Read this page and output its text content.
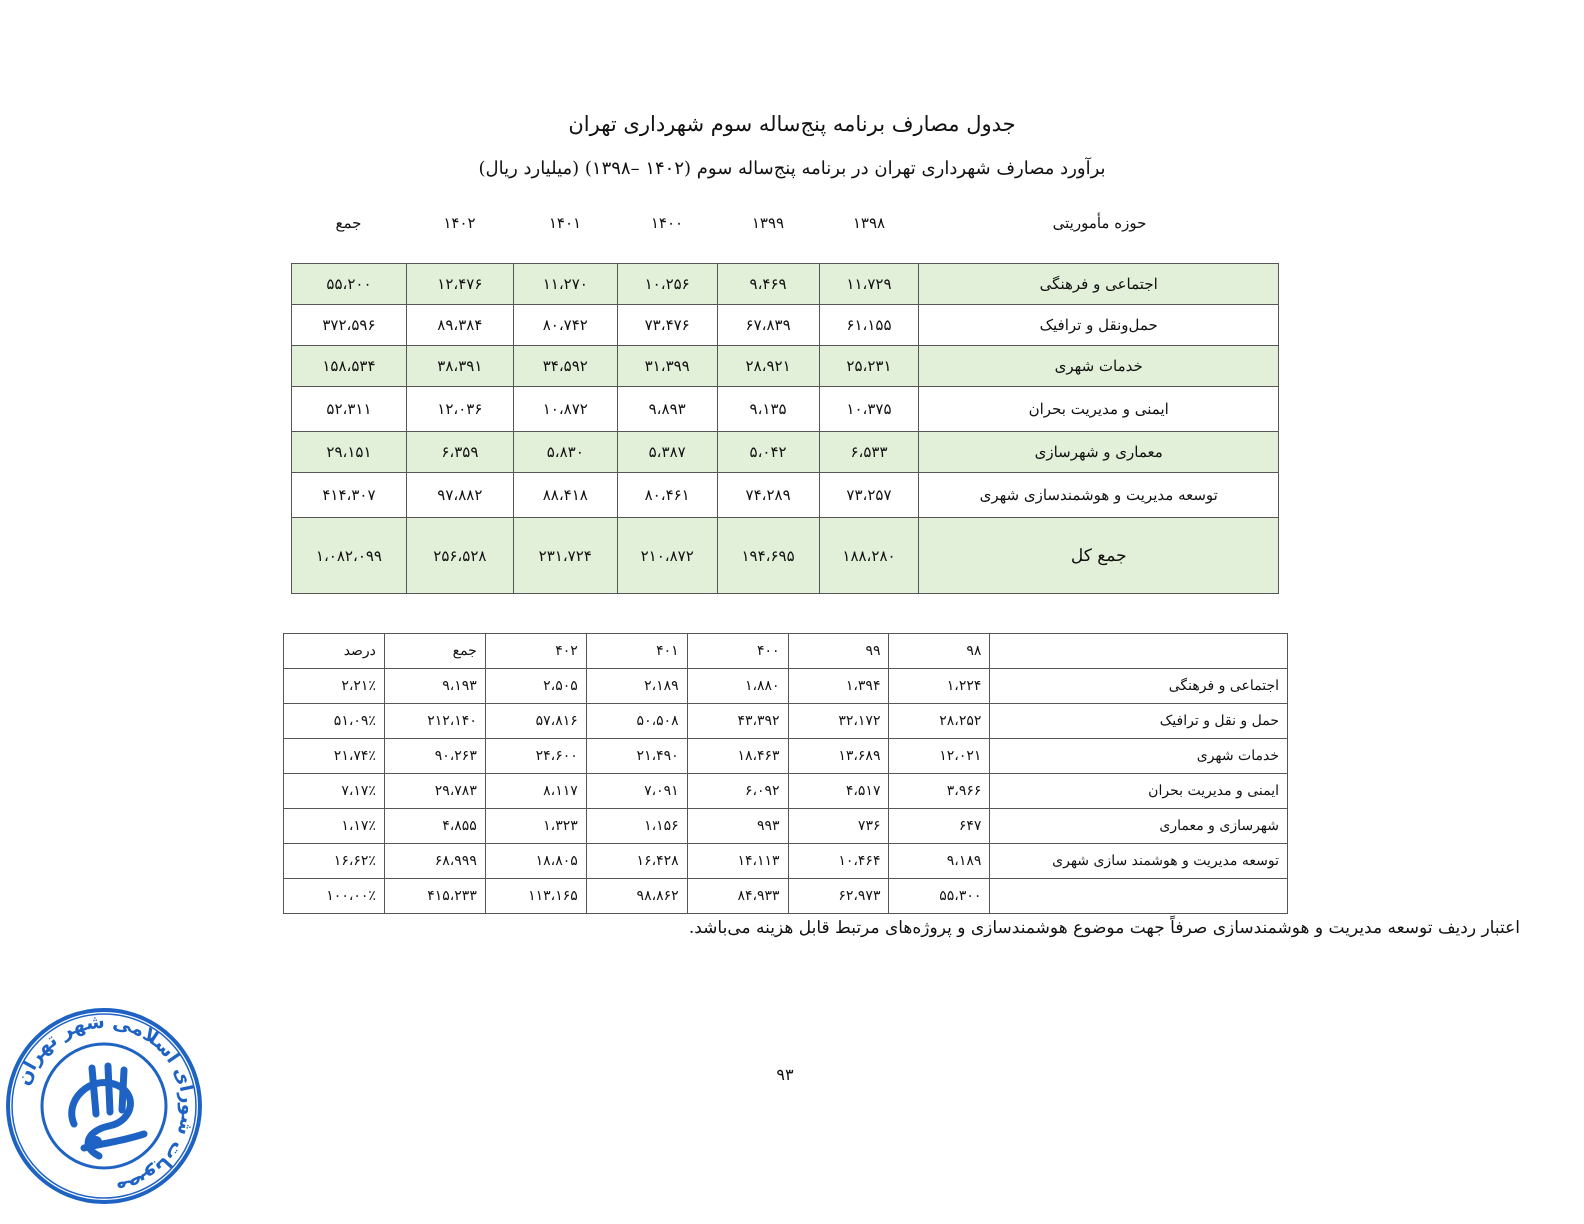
جدول مصارف برنامه پنج‌ساله سوم شهرداری تهران
برآورد مصارف شهرداری تهران در برنامه پنج‌ساله سوم (۱۴۰۲ –۱۳۹۸) (میلیارد ریال)
جمع	۱۴۰۲	۱۴۰۱	۱۴۰۰	۱۳۹۹	۱۳۹۸	حوزه مأموریتی
۵۵،۲۰۰	۱۲،۴۷۶	۱۱،۲۷۰	۱۰،۲۵۶	۹،۴۶۹	۱۱،۷۲۹	اجتماعی و فرهنگی
۳۷۲،۵۹۶	۸۹،۳۸۴	۸۰،۷۴۲	۷۳،۴۷۶	۶۷،۸۳۹	۶۱،۱۵۵	حمل‌ونقل و ترافیک
۱۵۸،۵۳۴	۳۸،۳۹۱	۳۴،۵۹۲	۳۱،۳۹۹	۲۸،۹۲۱	۲۵،۲۳۱	خدمات شهری
۵۲،۳۱۱	۱۲،۰۳۶	۱۰،۸۷۲	۹،۸۹۳	۹،۱۳۵	۱۰،۳۷۵	ایمنی و مدیریت بحران
۲۹،۱۵۱	۶،۳۵۹	۵،۸۳۰	۵،۳۸۷	۵،۰۴۲	۶،۵۳۳	معماری و شهرسازی
۴۱۴،۳۰۷	۹۷،۸۸۲	۸۸،۴۱۸	۸۰،۴۶۱	۷۴،۲۸۹	۷۳،۲۵۷	توسعه مدیریت و هوشمندسازی شهری
۱،۰۸۲،۰۹۹	۲۵۶،۵۲۸	۲۳۱،۷۲۴	۲۱۰،۸۷۲	۱۹۴،۶۹۵	۱۸۸،۲۸۰	جمع کل
درصد	جمع	۴۰۲	۴۰۱	۴۰۰	۹۹	۹۸	
۲،۲۱٪	۹،۱۹۳	۲،۵۰۵	۲،۱۸۹	۱،۸۸۰	۱،۳۹۴	۱،۲۲۴	اجتماعی و فرهنگی
۵۱،۰۹٪	۲۱۲،۱۴۰	۵۷،۸۱۶	۵۰،۵۰۸	۴۳،۳۹۲	۳۲،۱۷۲	۲۸،۲۵۲	حمل و نقل و ترافیک
۲۱،۷۴٪	۹۰،۲۶۳	۲۴،۶۰۰	۲۱،۴۹۰	۱۸،۴۶۳	۱۳،۶۸۹	۱۲،۰۲۱	خدمات شهری
۷،۱۷٪	۲۹،۷۸۳	۸،۱۱۷	۷،۰۹۱	۶،۰۹۲	۴،۵۱۷	۳،۹۶۶	ایمنی و مدیریت بحران
۱،۱۷٪	۴،۸۵۵	۱،۳۲۳	۱،۱۵۶	۹۹۳	۷۳۶	۶۴۷	شهرسازی و معماری
۱۶،۶۲٪	۶۸،۹۹۹	۱۸،۸۰۵	۱۶،۴۲۸	۱۴،۱۱۳	۱۰،۴۶۴	۹،۱۸۹	توسعه مدیریت و هوشمند سازی شهری
۱۰۰،۰۰٪	۴۱۵،۲۳۳	۱۱۳،۱۶۵	۹۸،۸۶۲	۸۴،۹۳۳	۶۲،۹۷۳	۵۵،۳۰۰	
اعتبار ردیف توسعه مدیریت و هوشمندسازی صرفاً جهت موضوع هوشمندسازی و پروژه‌های مرتبط قابل هزینه می‌باشد.
۹۳
مصوبات شورای اسلامی شهر تهران
